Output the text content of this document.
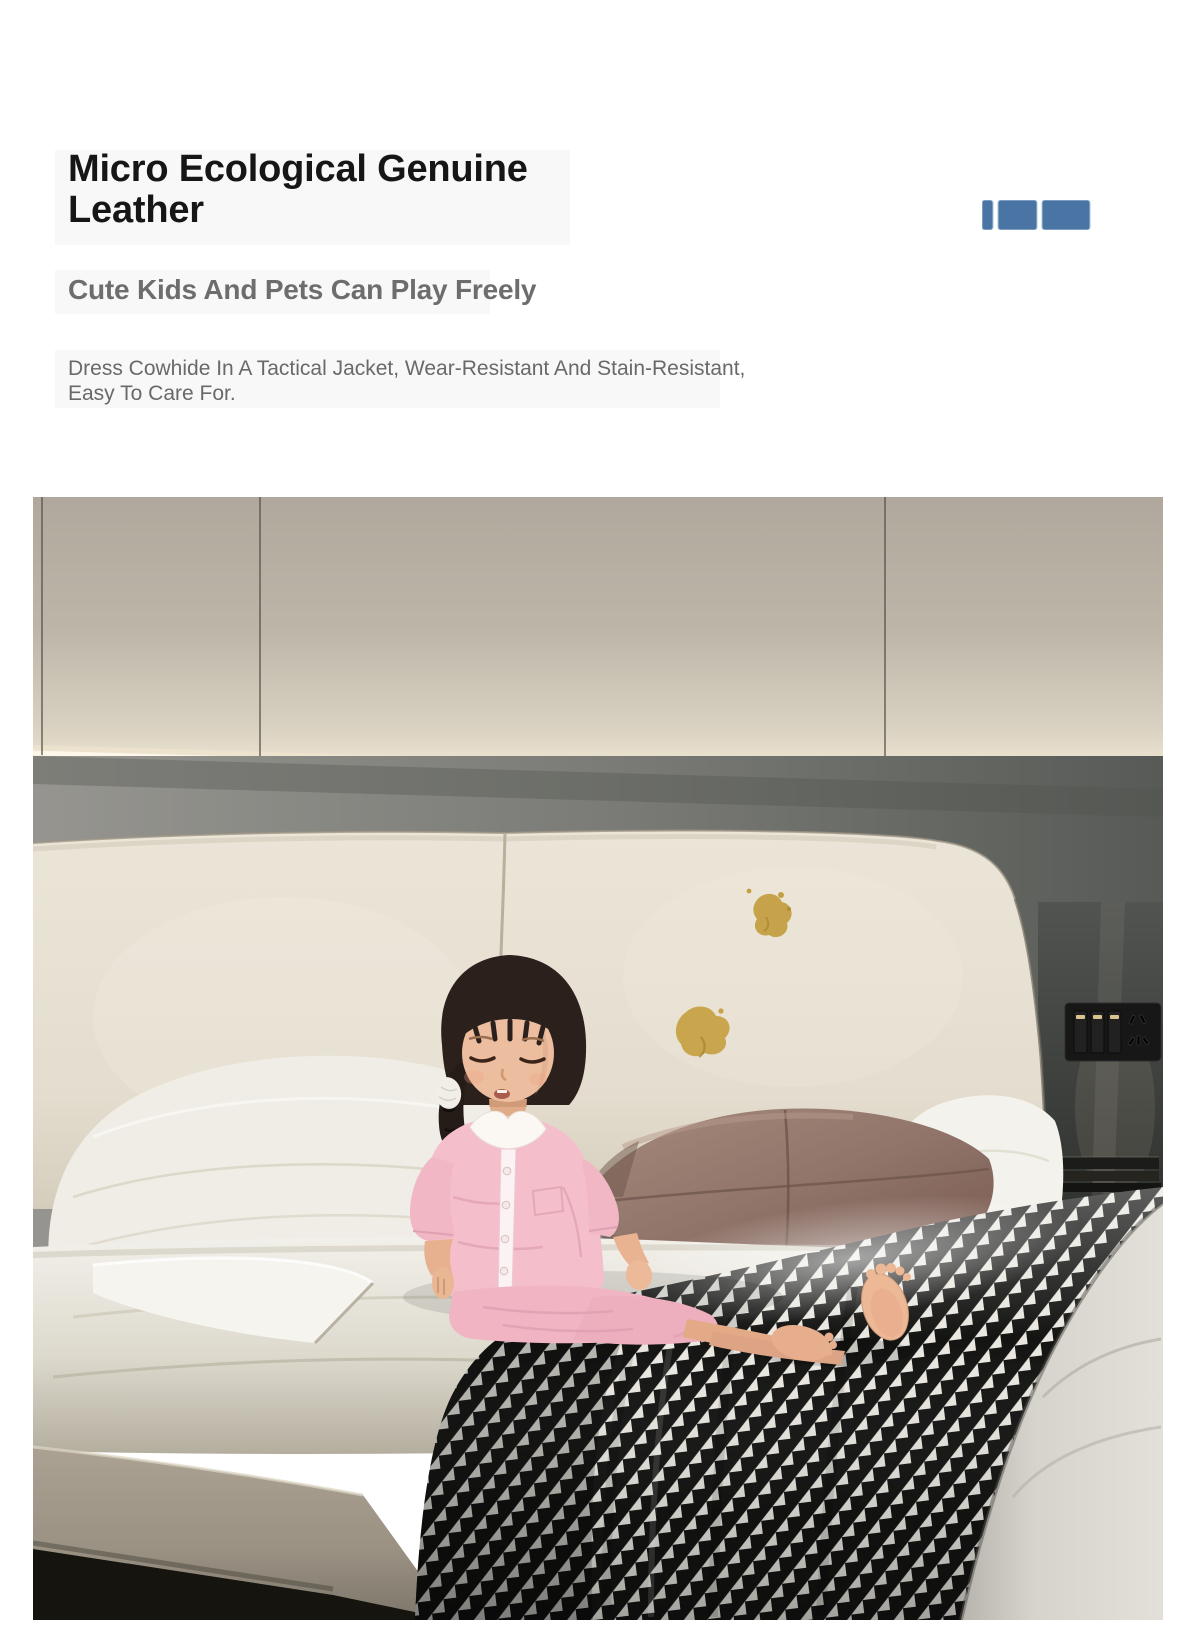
Micro Ecological Genuine
Leather
Cute Kids And Pets Can Play Freely
Dress Cowhide In A Tactical Jacket, Wear-Resistant And Stain-Resistant,
Easy To Care For.
